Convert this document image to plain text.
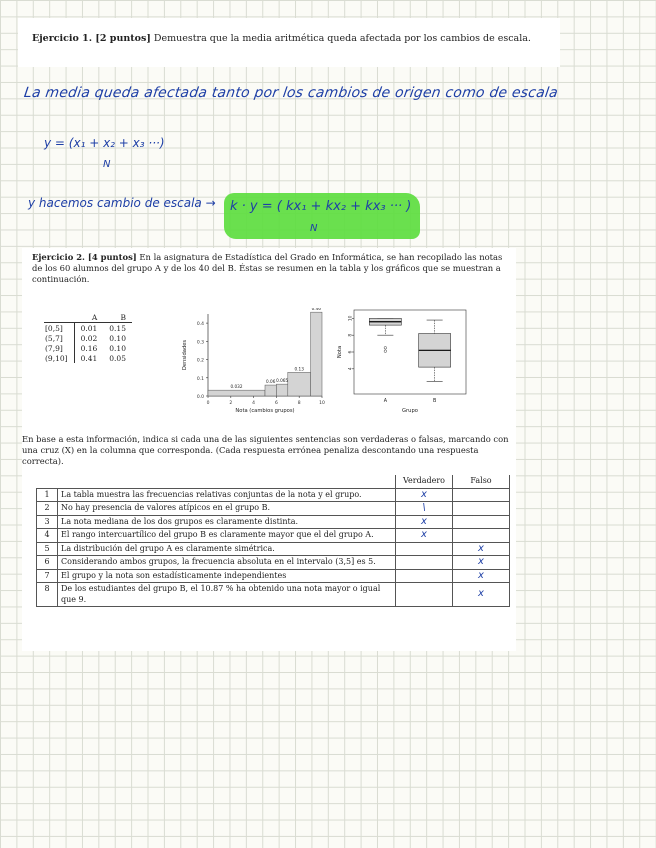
Ejercicio 1. [2 puntos] Demuestra que la media aritmética queda afectada por los cambios de escala.
La media queda afectada tanto por los cambios de origen como de escala
y = (x₁ + x₂ + x₃ ···)
N
y hacemos cambio de escala → k · y = ( kx₁ + kx₂ + kx₃ ··· )
N
Ejercicio 2. [4 puntos] En la asignatura de Estadística del Grado en Informática, se han recopilado las notas de los 60 alumnos del grupo A y de los 40 del B. Éstas se resumen en la tabla y los gráficos que se muestran a continuación.
	A	B
[0,5]	0.01	0.15
(5,7]	0.02	0.10
(7,9]	0.16	0.10
(9,10]	0.41	0.05
0.0
0.1
0.2
0.3
0.4
0	2	4	6	8	10
0.032
0.06 0.065
0.13
0.46
Nota (cambios grupos)
Densidades	4
6
8
10
A	B
Grupo
Nota
En base a esta información, indica si cada una de las siguientes sentencias son verdaderas o falsas, marcando con una cruz (X) en la columna que corresponda. (Cada respuesta errónea penaliza descontando una respuesta correcta).
		Verdadero	Falso
1	La tabla muestra las frecuencias relativas conjuntas de la nota y el grupo.	x	
2	No hay presencia de valores atípicos en el grupo B.	\	
3	La nota mediana de los dos grupos es claramente distinta.	x	
4	El rango intercuartílico del grupo B es claramente mayor que el del grupo A.	x	
5	La distribución del grupo A es claramente simétrica.		x
6	Considerando ambos grupos, la frecuencia absoluta en el intervalo (3,5] es 5.		x
7	El grupo y la nota son estadísticamente independientes		x
8	De los estudiantes del grupo B, el 10.87 % ha obtenido una nota mayor o igual que 9.		x
